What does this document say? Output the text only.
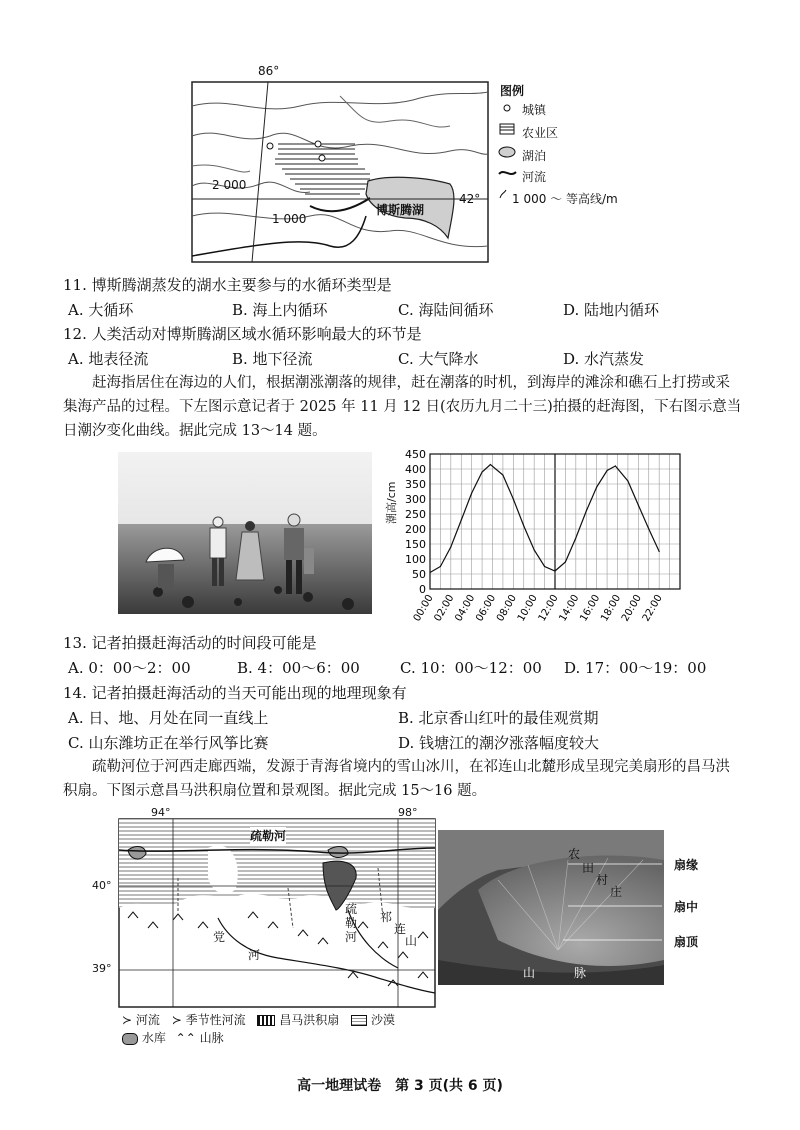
86°
42°
2 000
1 000
博斯腾湖
图例
城镇
农业区
湖泊
河流
1 000 ～ 等高线/m
11. 博斯腾湖蒸发的湖水主要参与的水循环类型是
A. 大循环	B. 海上内循环	C. 海陆间循环	D. 陆地内循环
12. 人类活动对博斯腾湖区域水循环影响最大的环节是
A. 地表径流	B. 地下径流	C. 大气降水	D. 水汽蒸发
赶海指居住在海边的人们，根据潮涨潮落的规律，赶在潮落的时机，到海岸的滩涂和礁石上打捞或采集海产品的过程。下左图示意记者于 2025 年 11 月 12 日(农历九月二十三)拍摄的赶海图，下右图示意当日潮汐变化曲线。据此完成 13～14 题。
0
50
100
150
200
250
300
350
400
450
00:00
02:00
04:00
06:00
08:00
10:00
12:00
14:00
16:00
18:00
20:00
22:00
潮高/cm
13. 记者拍摄赶海活动的时间段可能是
A. 0：00～2：00	B. 4：00～6：00	C. 10：00～12：00 D. 17：00～19：00
14. 记者拍摄赶海活动的当天可能出现的地理现象有
A. 日、地、月处在同一直线上	B. 北京香山红叶的最佳观赏期
C. 山东潍坊正在举行风筝比赛	D. 钱塘江的潮汐涨落幅度较大
疏勒河位于河西走廊西端，发源于青海省境内的雪山冰川，在祁连山北麓形成呈现完美扇形的昌马洪积扇。下图示意昌马洪积扇位置和景观图。据此完成 15～16 题。
94°	98°
40°
39°
疏勒河
党
河
疏
勒
河
祁
连
山
≻ 河流 ≻ 季节性河流	昌马洪积扇	沙漠
水库 ⌃⌃ 山脉
农
田
村
庄
山	脉
扇缘
扇中
扇顶
高一地理试卷　第 3 页(共 6 页)
